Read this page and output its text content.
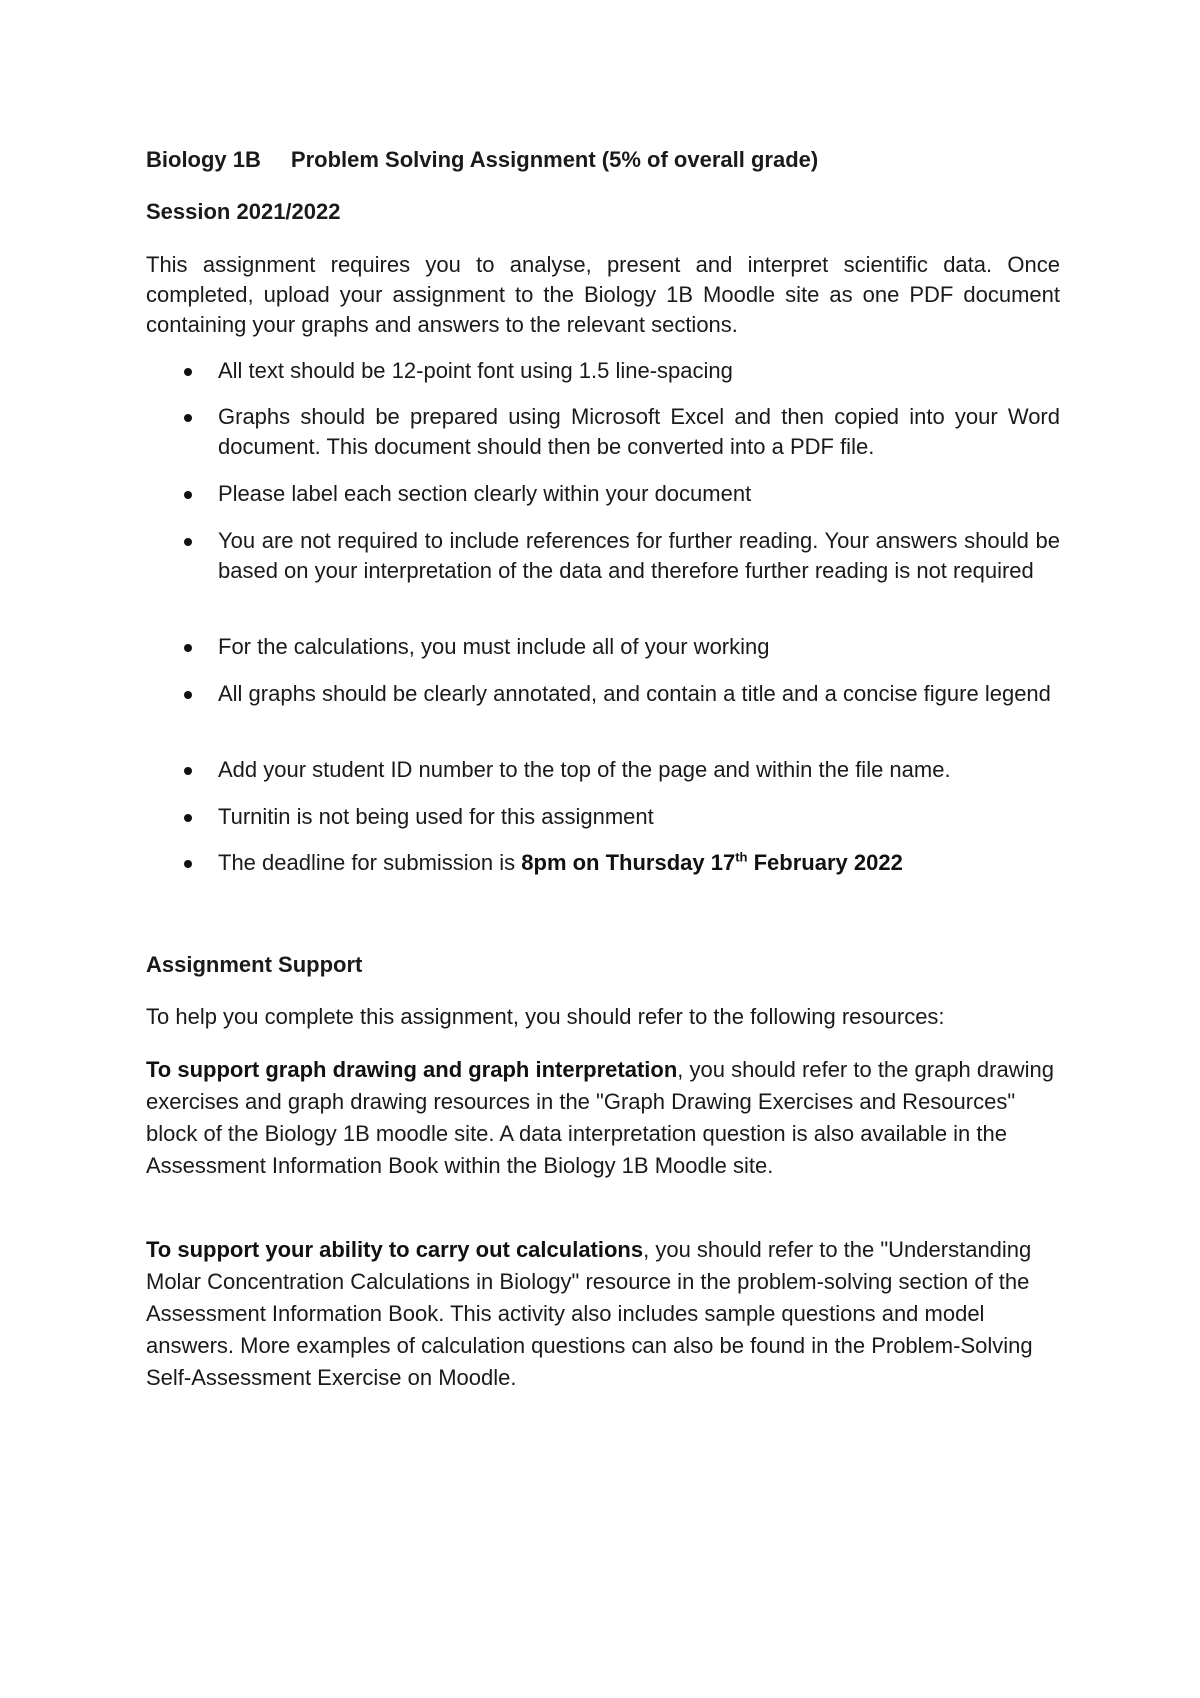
Biology 1B Problem Solving Assignment (5% of overall grade)
Session 2021/2022
This assignment requires you to analyse, present and interpret scientific data. Once completed, upload your assignment to the Biology 1B Moodle site as one PDF document containing your graphs and answers to the relevant sections.
All text should be 12-point font using 1.5 line-spacing
Graphs should be prepared using Microsoft Excel and then copied into your Word document. This document should then be converted into a PDF file.
Please label each section clearly within your document
You are not required to include references for further reading. Your answers should be based on your interpretation of the data and therefore further reading is not required
For the calculations, you must include all of your working
All graphs should be clearly annotated, and contain a title and a concise figure legend
Add your student ID number to the top of the page and within the file name.
Turnitin is not being used for this assignment
The deadline for submission is 8pm on Thursday 17th February 2022
Assignment Support
To help you complete this assignment, you should refer to the following resources:
To support graph drawing and graph interpretation, you should refer to the graph drawing exercises and graph drawing resources in the "Graph Drawing Exercises and Resources" block of the Biology 1B moodle site. A data interpretation question is also available in the Assessment Information Book within the Biology 1B Moodle site.
To support your ability to carry out calculations, you should refer to the "Understanding Molar Concentration Calculations in Biology" resource in the problem-solving section of the Assessment Information Book. This activity also includes sample questions and model answers. More examples of calculation questions can also be found in the Problem-Solving Self-Assessment Exercise on Moodle.
